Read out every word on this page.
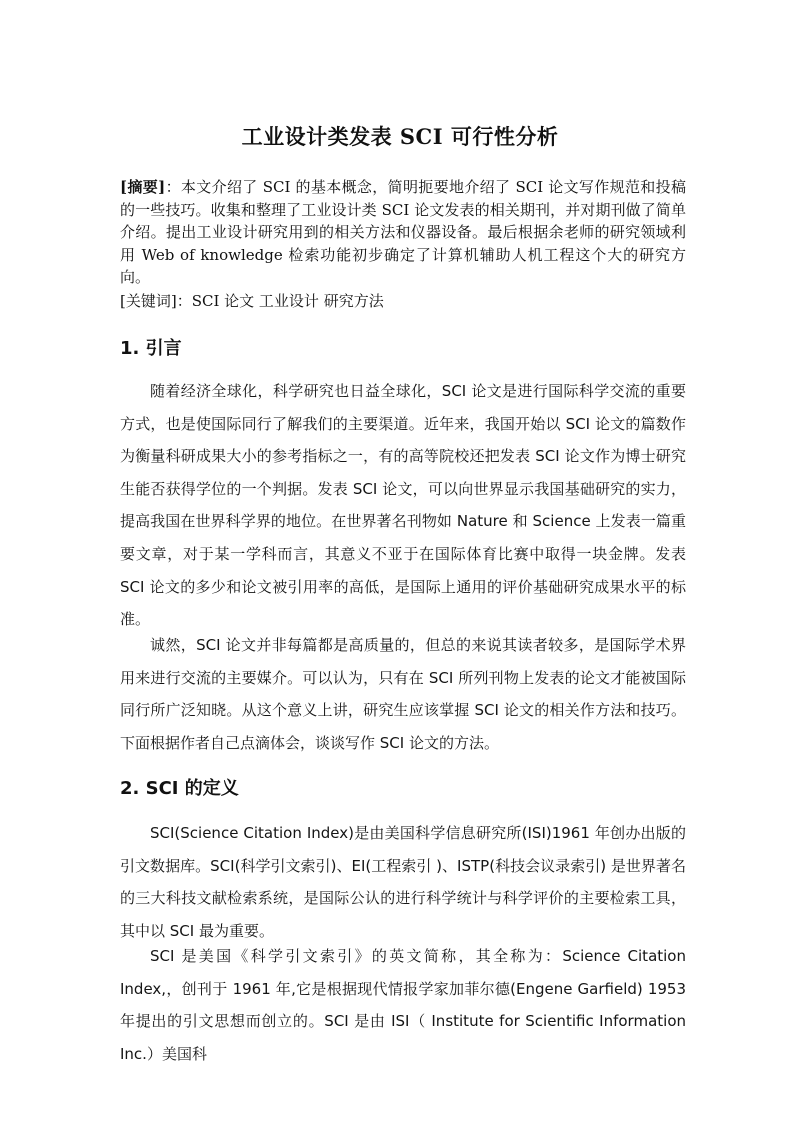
工业设计类发表 SCI 可行性分析
[摘要]：本文介绍了 SCI 的基本概念，简明扼要地介绍了 SCI 论文写作规范和投稿的一些技巧。收集和整理了工业设计类 SCI 论文发表的相关期刊，并对期刊做了简单介绍。提出工业设计研究用到的相关方法和仪器设备。最后根据余老师的研究领域利用 Web of knowledge 检索功能初步确定了计算机辅助人机工程这个大的研究方向。
[关键词]：SCI 论文 工业设计 研究方法
1. 引言

随着经济全球化，科学研究也日益全球化，SCI 论文是进行国际科学交流的重要方式，也是使国际同行了解我们的主要渠道。近年来，我国开始以 SCI 论文的篇数作为衡量科研成果大小的参考指标之一，有的高等院校还把发表 SCI 论文作为博士研究生能否获得学位的一个判据。发表 SCI 论文，可以向世界显示我国基础研究的实力，提高我国在世界科学界的地位。在世界著名刊物如 Nature 和 Science 上发表一篇重要文章，对于某一学科而言，其意义不亚于在国际体育比赛中取得一块金牌。发表 SCI 论文的多少和论文被引用率的高低，是国际上通用的评价基础研究成果水平的标准。

诚然，SCI 论文并非每篇都是高质量的，但总的来说其读者较多，是国际学术界用来进行交流的主要媒介。可以认为，只有在 SCI 所列刊物上发表的论文才能被国际同行所广泛知晓。从这个意义上讲，研究生应该掌握 SCI 论文的相关作方法和技巧。下面根据作者自己点滴体会，谈谈写作 SCI 论文的方法。

2. SCI 的定义

SCI(Science Citation Index)是由美国科学信息研究所(ISI)1961 年创办出版的引文数据库。SCI(科学引文索引)、EI(工程索引 )、ISTP(科技会议录索引) 是世界著名的三大科技文献检索系统，是国际公认的进行科学统计与科学评价的主要检索工具，其中以 SCI 最为重要。

SCI 是美国《科学引文索引》的英文简称，其全称为：Science Citation Index,，创刊于 1961 年,它是根据现代情报学家加菲尔德(Engene Garfield) 1953 年提出的引文思想而创立的。SCI 是由 ISI（ Institute for Scientific Information Inc.）美国科
